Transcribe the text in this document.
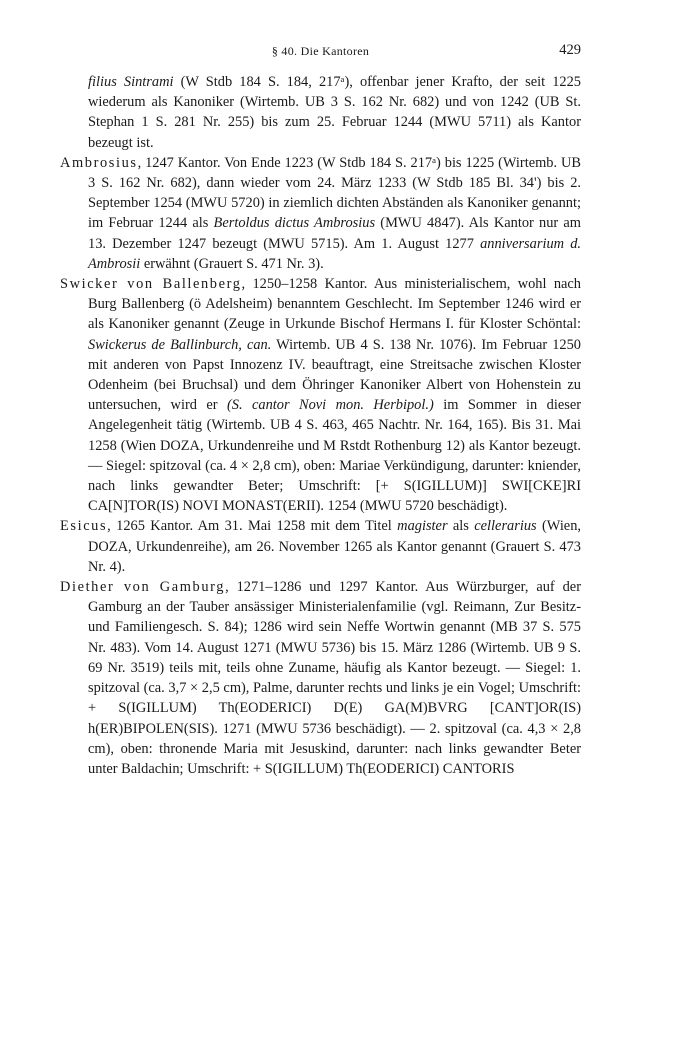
§ 40. Die Kantoren	429

filius Sintrami (W Stdb 184 S. 184, 217ᵃ), offenbar jener Krafto, der seit 1225 wiederum als Kanoniker (Wirtemb. UB 3 S. 162 Nr. 682) und von 1242 (UB St. Stephan 1 S. 281 Nr. 255) bis zum 25. Februar 1244 (MWU 5711) als Kantor bezeugt ist.

Ambrosius, 1247 Kantor. Von Ende 1223 (W Stdb 184 S. 217ᵃ) bis 1225 (Wirtemb. UB 3 S. 162 Nr. 682), dann wieder vom 24. März 1233 (W Stdb 185 Bl. 34') bis 2. September 1254 (MWU 5720) in ziemlich dichten Abständen als Kanoniker genannt; im Februar 1244 als Bertoldus dictus Ambrosius (MWU 4847). Als Kantor nur am 13. Dezember 1247 bezeugt (MWU 5715). Am 1. August 1277 anniversarium d. Ambrosii erwähnt (Grauert S. 471 Nr. 3).

Swicker von Ballenberg, 1250–1258 Kantor. Aus ministerialischem, wohl nach Burg Ballenberg (ö Adelsheim) benanntem Geschlecht. Im September 1246 wird er als Kanoniker genannt (Zeuge in Urkunde Bischof Hermans I. für Kloster Schöntal: Swickerus de Ballinburch, can. Wirtemb. UB 4 S. 138 Nr. 1076). Im Februar 1250 mit anderen von Papst Innozenz IV. beauftragt, eine Streitsache zwischen Kloster Odenheim (bei Bruchsal) und dem Öhringer Kanoniker Albert von Hohenstein zu untersuchen, wird er (S. cantor Novi mon. Herbipol.) im Sommer in dieser Angelegenheit tätig (Wirtemb. UB 4 S. 463, 465 Nachtr. Nr. 164, 165). Bis 31. Mai 1258 (Wien DOZA, Urkundenreihe und M Rstdt Rothenburg 12) als Kantor bezeugt. — Siegel: spitzoval (ca. 4 × 2,8 cm), oben: Mariae Verkündigung, darunter: kniender, nach links gewandter Beter; Umschrift: [+ S(IGILLUM)] SWI[CKE]RI CA[N]TOR(IS) NOVI MONAST(ERII). 1254 (MWU 5720 beschädigt).

Esicus, 1265 Kantor. Am 31. Mai 1258 mit dem Titel magister als cellerarius (Wien, DOZA, Urkundenreihe), am 26. November 1265 als Kantor genannt (Grauert S. 473 Nr. 4).

Diether von Gamburg, 1271–1286 und 1297 Kantor. Aus Würzburger, auf der Gamburg an der Tauber ansässiger Ministerialenfamilie (vgl. Reimann, Zur Besitz- und Familiengesch. S. 84); 1286 wird sein Neffe Wortwin genannt (MB 37 S. 575 Nr. 483). Vom 14. August 1271 (MWU 5736) bis 15. März 1286 (Wirtemb. UB 9 S. 69 Nr. 3519) teils mit, teils ohne Zuname, häufig als Kantor bezeugt. — Siegel: 1. spitzoval (ca. 3,7 × 2,5 cm), Palme, darunter rechts und links je ein Vogel; Umschrift: + S(IGILLUM) Th(EODERICI) D(E) GA(M)BVRG [CANT]OR(IS) h(ER)BIPOLEN(SIS). 1271 (MWU 5736 beschädigt). — 2. spitzoval (ca. 4,3 × 2,8 cm), oben: thronende Maria mit Jesuskind, darunter: nach links gewandter Beter unter Baldachin; Umschrift: + S(IGILLUM) Th(EODERICI) CANTORIS
